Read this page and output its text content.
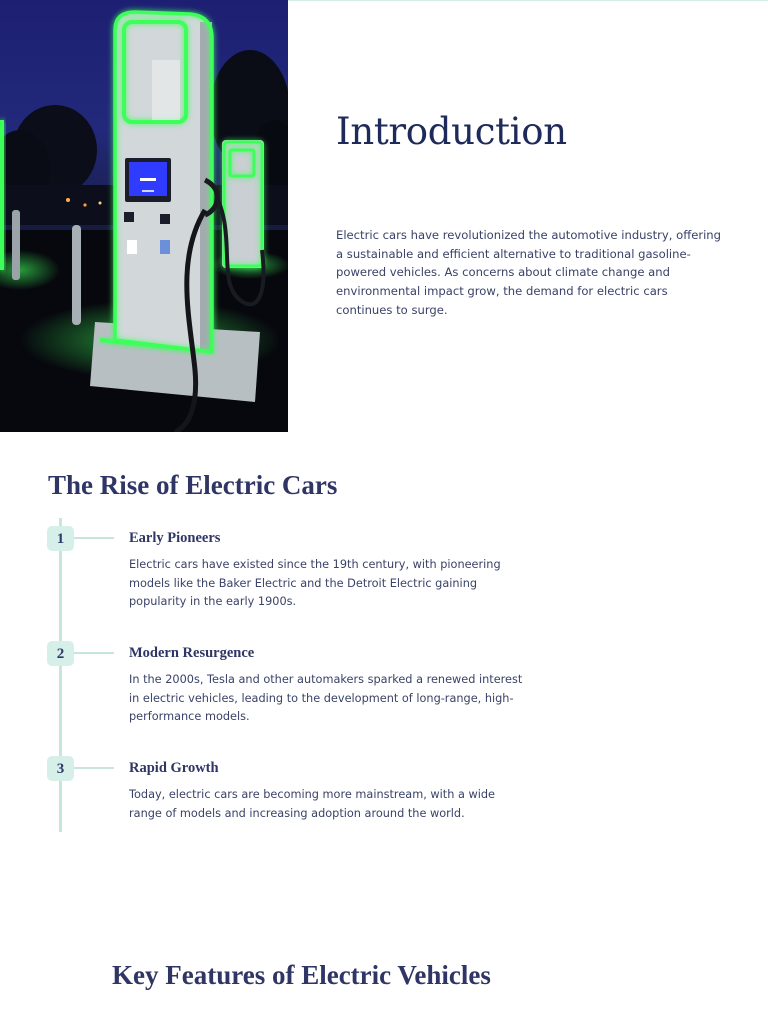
Introduction

Electric cars have revolutionized the automotive industry, offering a sustainable and efficient alternative to traditional gasoline-powered vehicles. As concerns about climate change and environmental impact grow, the demand for electric cars continues to surge.

The Rise of Electric Cars
1	Early Pioneers

Electric cars have existed since the 19th century, with pioneering models like the Baker Electric and the Detroit Electric gaining popularity in the early 1900s.

2	Modern Resurgence

In the 2000s, Tesla and other automakers sparked a renewed interest in electric vehicles, leading to the development of long-range, high-performance models.

3	Rapid Growth

Today, electric cars are becoming more mainstream, with a wide range of models and increasing adoption around the world.

Key Features of Electric Vehicles
